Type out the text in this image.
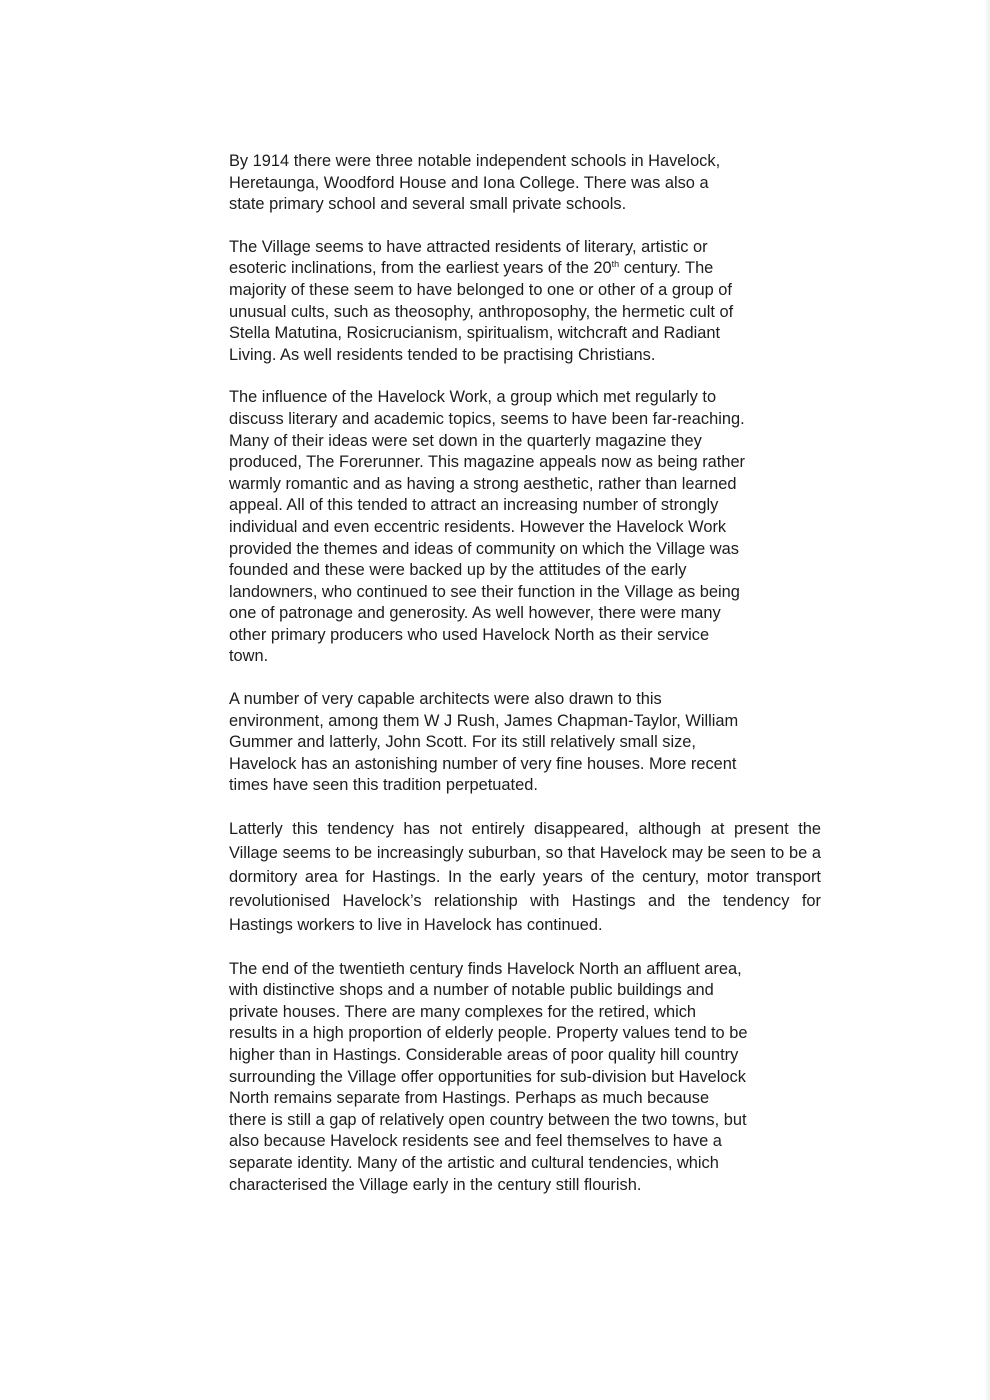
By 1914 there were three notable independent schools in Havelock,
Heretaunga, Woodford House and Iona College. There was also a
state primary school and several small private schools.

The Village seems to have attracted residents of literary, artistic or
esoteric inclinations, from the earliest years of the 20th century. The
majority of these seem to have belonged to one or other of a group of
unusual cults, such as theosophy, anthroposophy, the hermetic cult of
Stella Matutina, Rosicrucianism, spiritualism, witchcraft and Radiant
Living. As well residents tended to be practising Christians.

The influence of the Havelock Work, a group which met regularly to
discuss literary and academic topics, seems to have been far-reaching.
Many of their ideas were set down in the quarterly magazine they
produced, The Forerunner. This magazine appeals now as being rather
warmly romantic and as having a strong aesthetic, rather than learned
appeal. All of this tended to attract an increasing number of strongly
individual and even eccentric residents. However the Havelock Work
provided the themes and ideas of community on which the Village was
founded and these were backed up by the attitudes of the early
landowners, who continued to see their function in the Village as being
one of patronage and generosity. As well however, there were many
other primary producers who used Havelock North as their service
town.

A number of very capable architects were also drawn to this
environment, among them W J Rush, James Chapman-Taylor, William
Gummer and latterly, John Scott. For its still relatively small size,
Havelock has an astonishing number of very fine houses. More recent
times have seen this tradition perpetuated.

Latterly this tendency has not entirely disappeared, although at present the Village seems to be increasingly suburban, so that Havelock may be seen to be a dormitory area for Hastings. In the early years of the century, motor transport revolutionised Havelock’s relationship with Hastings and the tendency for Hastings workers to live in Havelock has continued.

The end of the twentieth century finds Havelock North an affluent area,
with distinctive shops and a number of notable public buildings and
private houses. There are many complexes for the retired, which
results in a high proportion of elderly people. Property values tend to be
higher than in Hastings. Considerable areas of poor quality hill country
surrounding the Village offer opportunities for sub-division but Havelock
North remains separate from Hastings. Perhaps as much because
there is still a gap of relatively open country between the two towns, but
also because Havelock residents see and feel themselves to have a
separate identity. Many of the artistic and cultural tendencies, which
characterised the Village early in the century still flourish.
